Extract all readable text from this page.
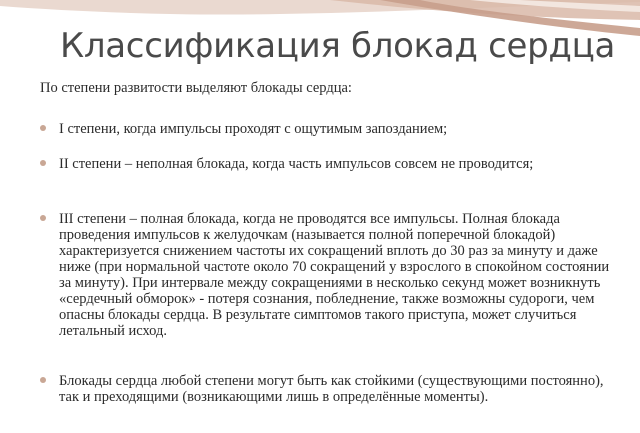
Классификация блокад сердца

По степени развитости выделяют блокады сердца:

I степени, когда импульсы проходят с ощутимым запозданием;
II степени – неполная блокада, когда часть импульсов совсем не проводится;
III степени – полная блокада, когда не проводятся все импульсы. Полная блокада проведения импульсов к желудочкам (называется полной поперечной блокадой) характеризуется снижением частоты их сокращений вплоть до 30 раз за минуту и даже ниже (при нормальной частоте около 70 сокращений у взрослого в спокойном состоянии за минуту). При интервале между сокращениями в несколько секунд может возникнуть «сердечный обморок» - потеря сознания, побледнение, также возможны судороги, чем опасны блокады сердца. В результате симптомов такого приступа, может случиться летальный исход.
Блокады сердца любой степени могут быть как стойкими (существующими постоянно), так и преходящими (возникающими лишь в определённые моменты).
